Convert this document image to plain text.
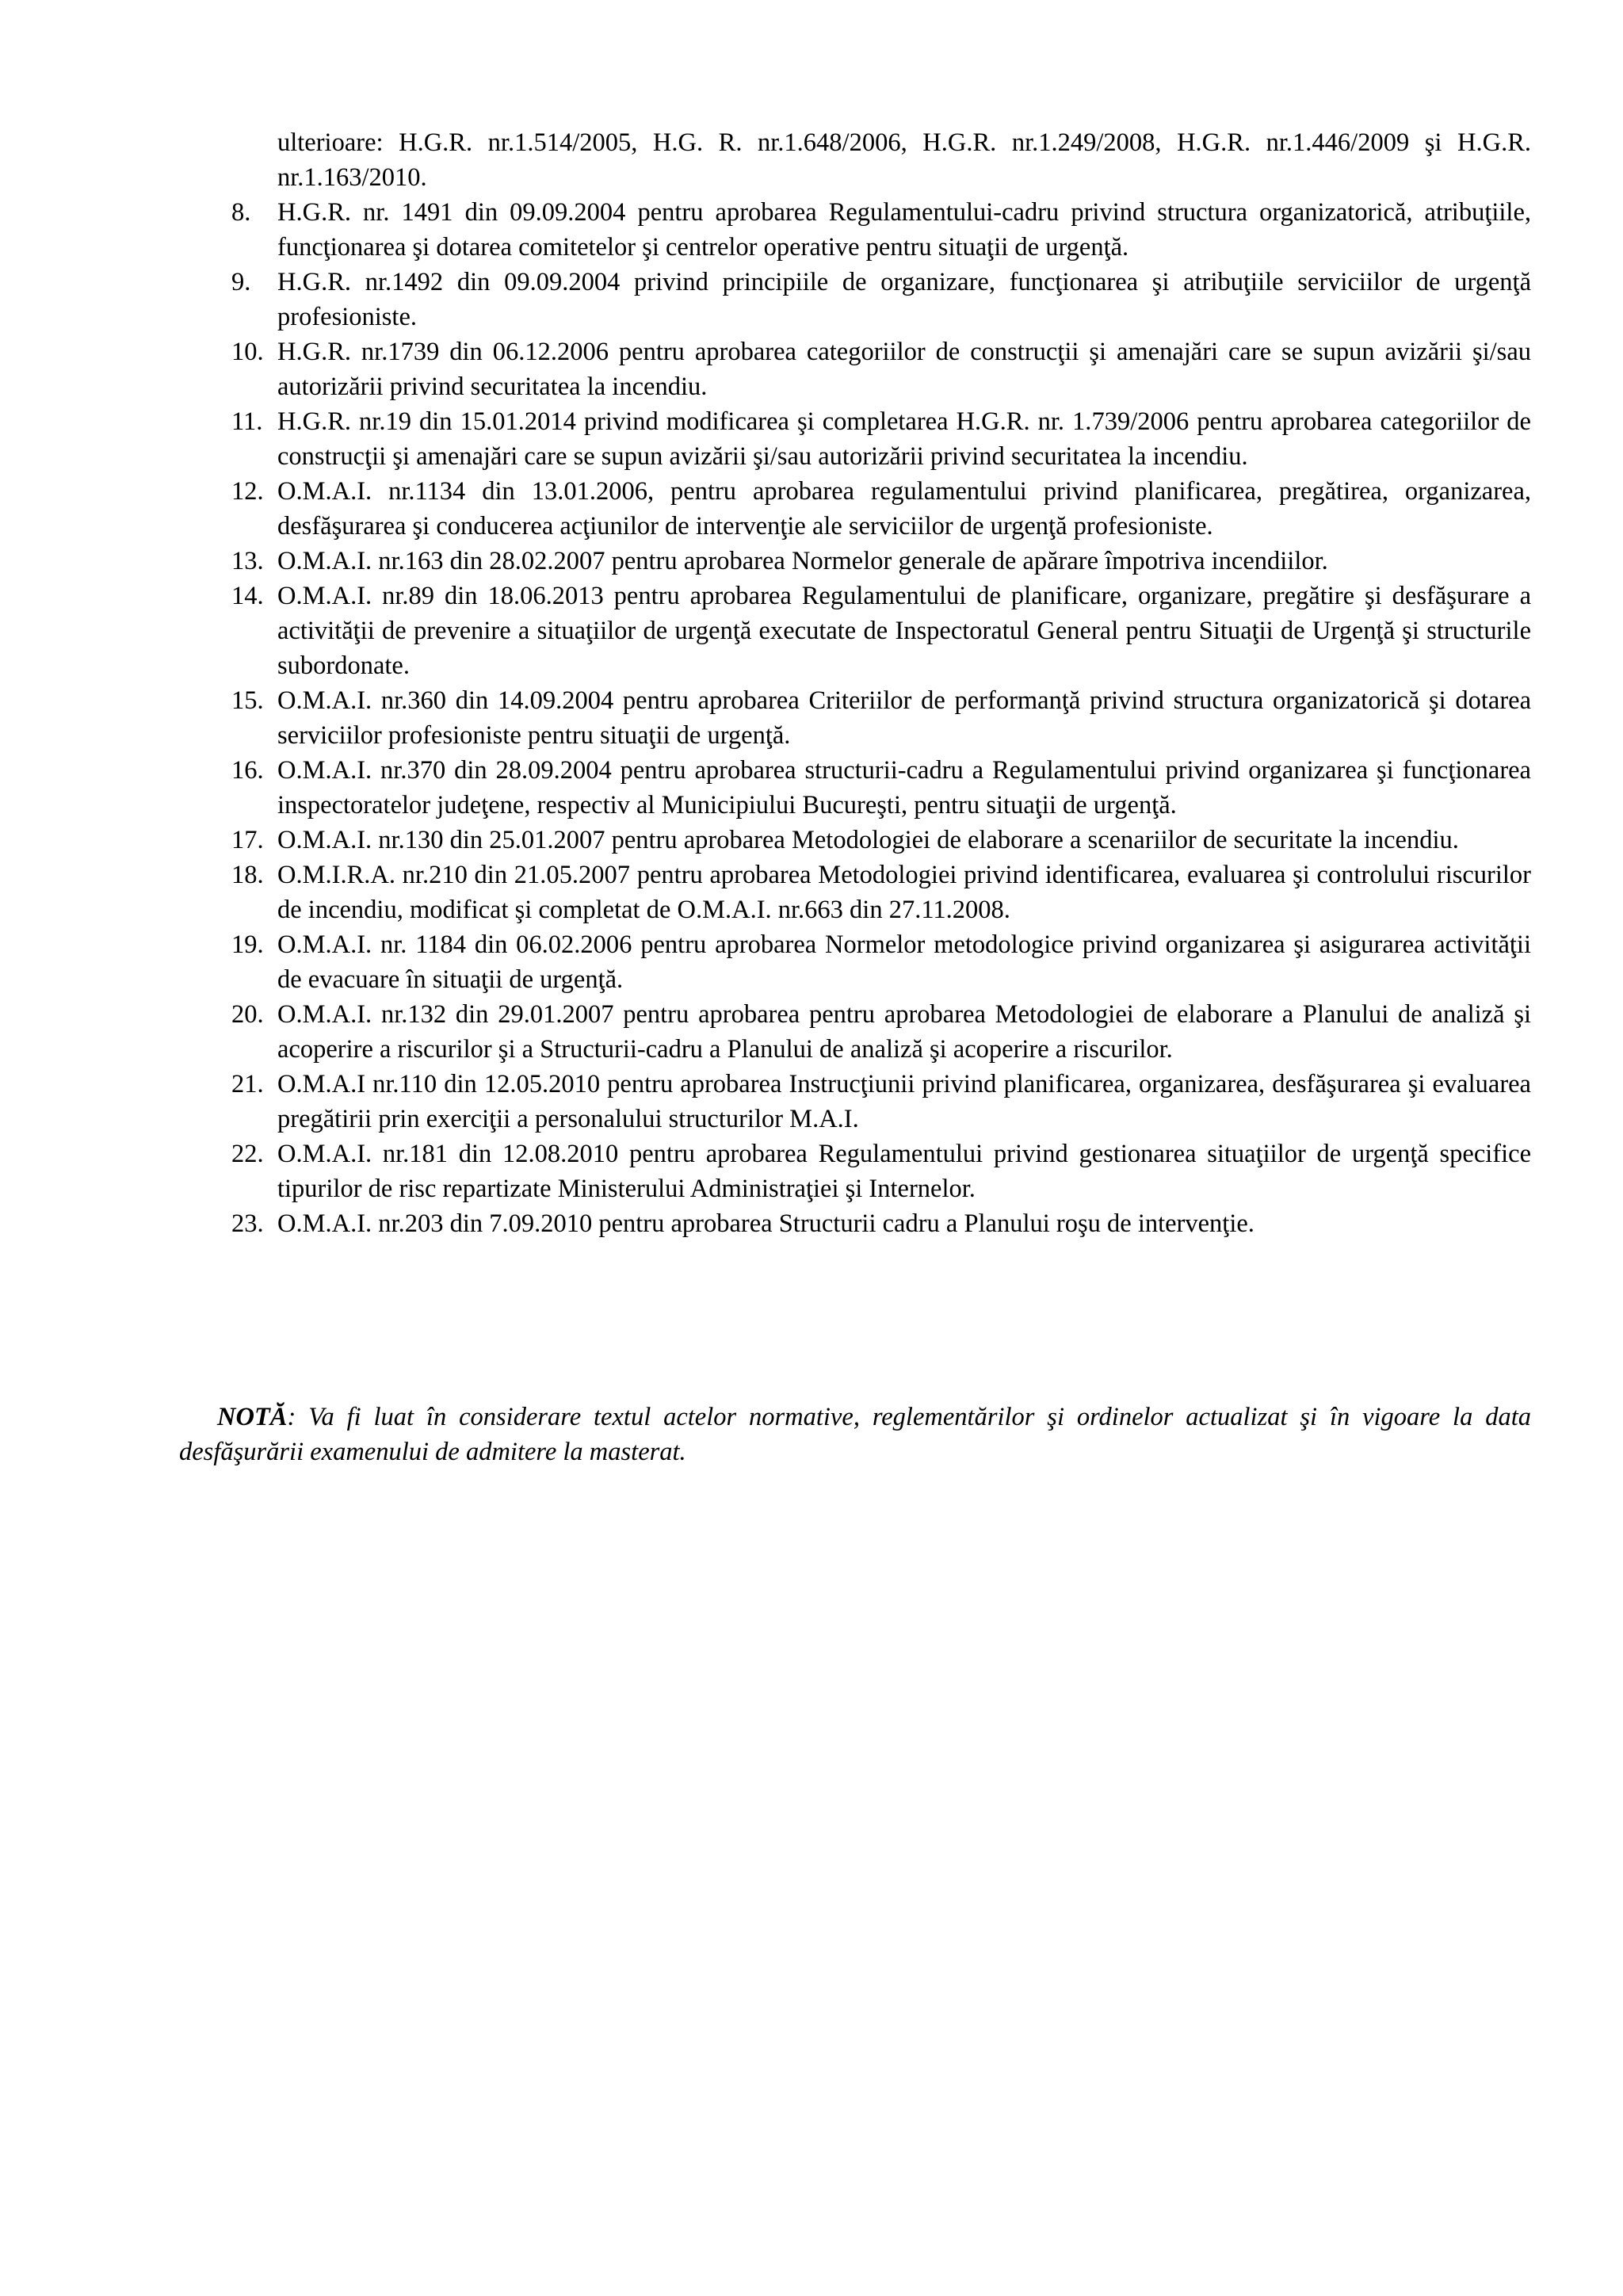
ulterioare: H.G.R. nr.1.514/2005, H.G. R. nr.1.648/2006, H.G.R. nr.1.249/2008, H.G.R. nr.1.446/2009 şi H.G.R. nr.1.163/2010.
8.	H.G.R. nr. 1491 din 09.09.2004 pentru aprobarea Regulamentului-cadru privind structura organizatorică, atribuţiile, funcţionarea şi dotarea comitetelor şi centrelor operative pentru situaţii de urgenţă.
9.	H.G.R. nr.1492 din 09.09.2004 privind principiile de organizare, funcţionarea şi atribuţiile serviciilor de urgenţă profesioniste.
10. H.G.R. nr.1739 din 06.12.2006 pentru aprobarea categoriilor de construcţii şi amenajări care se supun avizării şi/sau autorizării privind securitatea la incendiu.
11. H.G.R. nr.19 din 15.01.2014 privind modificarea şi completarea H.G.R. nr. 1.739/2006 pentru aprobarea categoriilor de construcţii şi amenajări care se supun avizării şi/sau autorizării privind securitatea la incendiu.
12. O.M.A.I. nr.1134 din 13.01.2006, pentru aprobarea regulamentului privind planificarea, pregătirea, organizarea, desfăşurarea şi conducerea acţiunilor de intervenţie ale serviciilor de urgenţă profesioniste.
13. O.M.A.I. nr.163 din 28.02.2007 pentru aprobarea Normelor generale de apărare împotriva incendiilor.
14. O.M.A.I. nr.89 din 18.06.2013 pentru aprobarea Regulamentului de planificare, organizare, pregătire şi desfăşurare a activităţii de prevenire a situaţiilor de urgenţă executate de Inspectoratul General pentru Situaţii de Urgenţă şi structurile subordonate.
15. O.M.A.I. nr.360 din 14.09.2004 pentru aprobarea Criteriilor de performanţă privind structura organizatorică şi dotarea serviciilor profesioniste pentru situaţii de urgenţă.
16. O.M.A.I. nr.370 din 28.09.2004 pentru aprobarea structurii-cadru a Regulamentului privind organizarea şi funcţionarea inspectoratelor judeţene, respectiv al Municipiului Bucureşti, pentru situaţii de urgenţă.
17. O.M.A.I. nr.130 din 25.01.2007 pentru aprobarea Metodologiei de elaborare a scenariilor de securitate la incendiu.
18. O.M.I.R.A. nr.210 din 21.05.2007 pentru aprobarea Metodologiei privind identificarea, evaluarea şi controlului riscurilor de incendiu, modificat şi completat de O.M.A.I. nr.663 din 27.11.2008.
19. O.M.A.I. nr. 1184 din 06.02.2006 pentru aprobarea Normelor metodologice privind organizarea şi asigurarea activităţii de evacuare în situaţii de urgenţă.
20. O.M.A.I. nr.132 din 29.01.2007 pentru aprobarea pentru aprobarea Metodologiei de elaborare a Planului de analiză şi acoperire a riscurilor şi a Structurii-cadru a Planului de analiză şi acoperire a riscurilor.
21. O.M.A.I nr.110 din 12.05.2010 pentru aprobarea Instrucţiunii privind planificarea, organizarea, desfăşurarea şi evaluarea pregătirii prin exerciţii a personalului structurilor M.A.I.
22. O.M.A.I. nr.181 din 12.08.2010 pentru aprobarea Regulamentului privind gestionarea situaţiilor de urgenţă specifice tipurilor de risc repartizate Ministerului Administraţiei şi Internelor.
23. O.M.A.I. nr.203 din 7.09.2010 pentru aprobarea Structurii cadru a Planului roşu de intervenţie.
NOTĂ: Va fi luat în considerare textul actelor normative, reglementărilor şi ordinelor actualizat şi în vigoare la data desfăşurării examenului de admitere la masterat.
